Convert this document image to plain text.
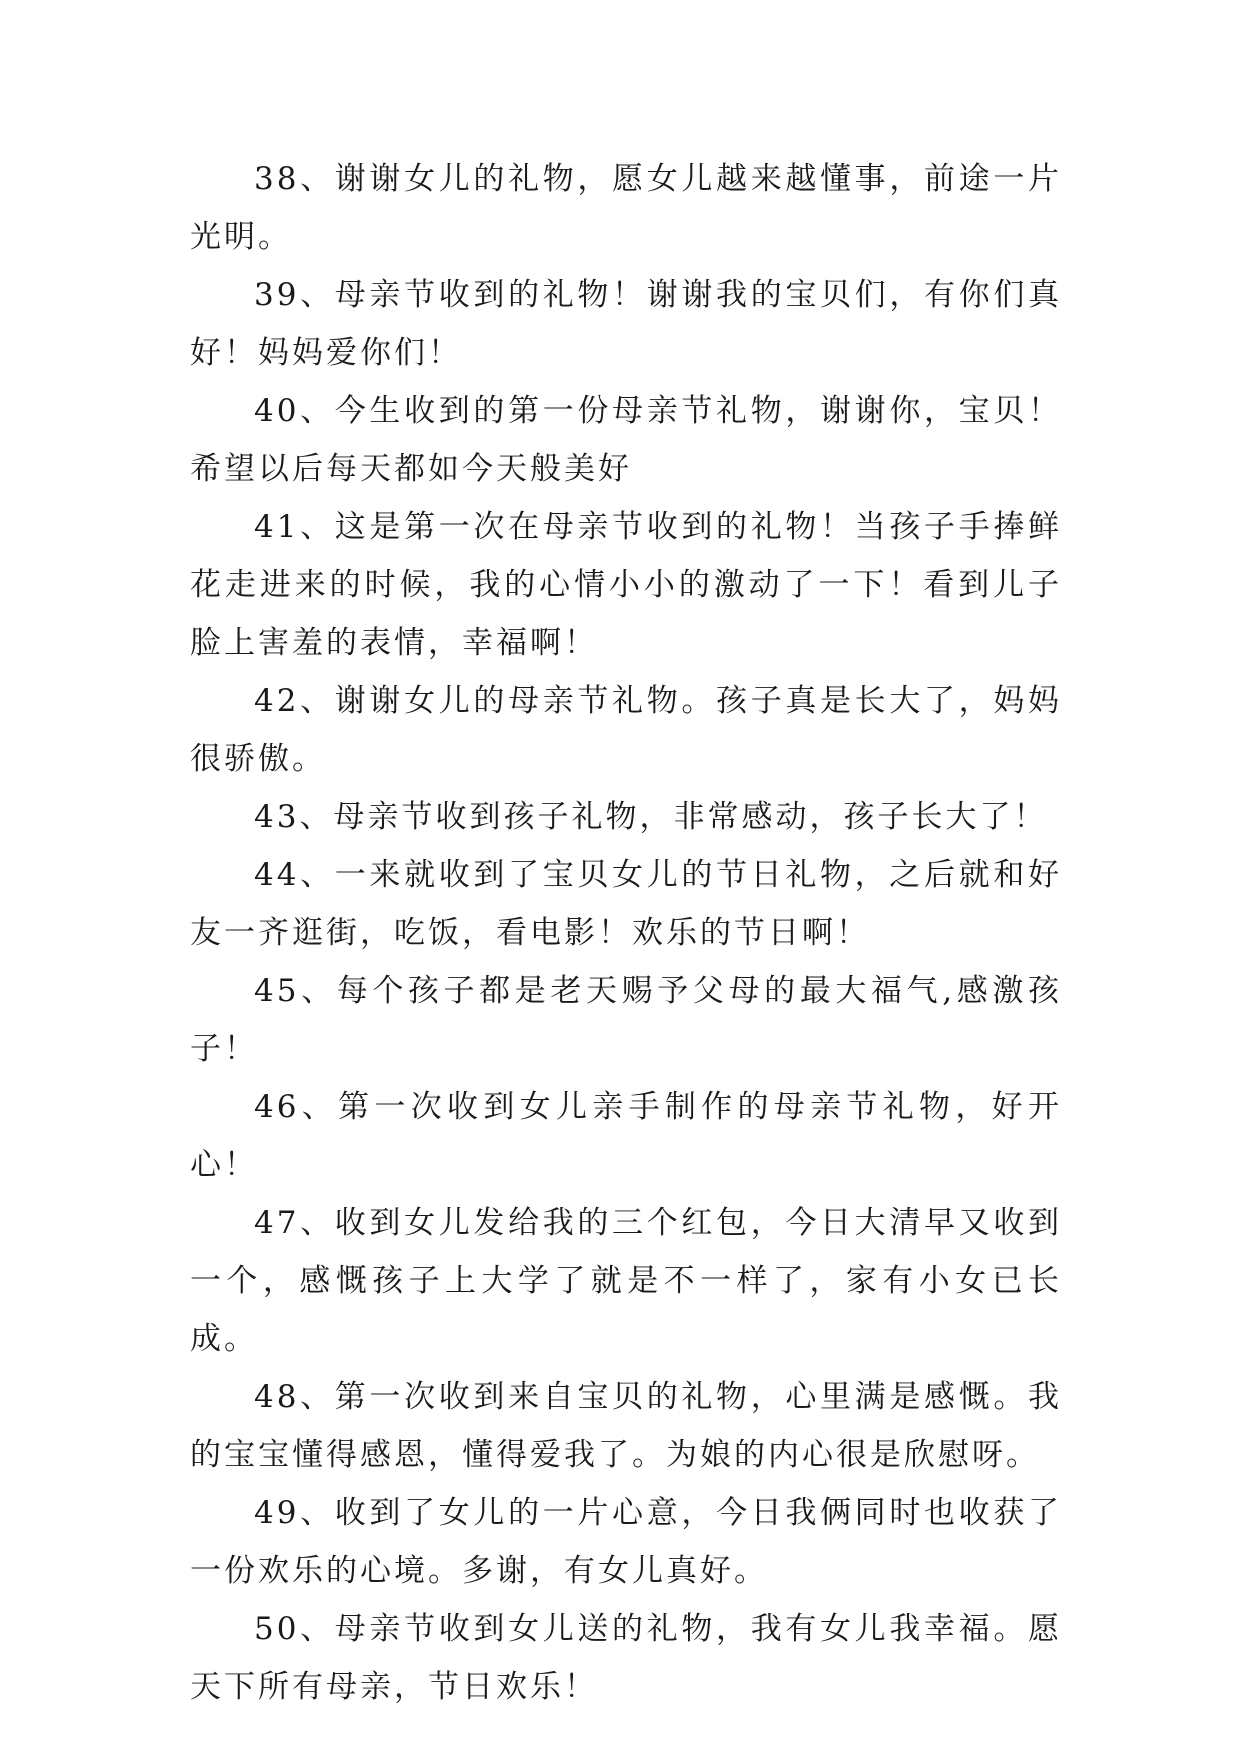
38、谢谢女儿的礼物，愿女儿越来越懂事，前途一片光明。

39、母亲节收到的礼物！谢谢我的宝贝们，有你们真好！妈妈爱你们！

40、今生收到的第一份母亲节礼物，谢谢你，宝贝！希望以后每天都如今天般美好

41、这是第一次在母亲节收到的礼物！当孩子手捧鲜花走进来的时候，我的心情小小的激动了一下！看到儿子脸上害羞的表情，幸福啊！

42、谢谢女儿的母亲节礼物。孩子真是长大了，妈妈很骄傲。

43、母亲节收到孩子礼物，非常感动，孩子长大了！

44、一来就收到了宝贝女儿的节日礼物，之后就和好友一齐逛街，吃饭，看电影！欢乐的节日啊！

45、每个孩子都是老天赐予父母的最大福气,感激孩子！

46、第一次收到女儿亲手制作的母亲节礼物，好开心！

47、收到女儿发给我的三个红包，今日大清早又收到一个，感慨孩子上大学了就是不一样了，家有小女已长成。

48、第一次收到来自宝贝的礼物，心里满是感慨。我的宝宝懂得感恩，懂得爱我了。为娘的内心很是欣慰呀。

49、收到了女儿的一片心意，今日我俩同时也收获了一份欢乐的心境。多谢，有女儿真好。

50、母亲节收到女儿送的礼物，我有女儿我幸福。愿天下所有母亲，节日欢乐！
